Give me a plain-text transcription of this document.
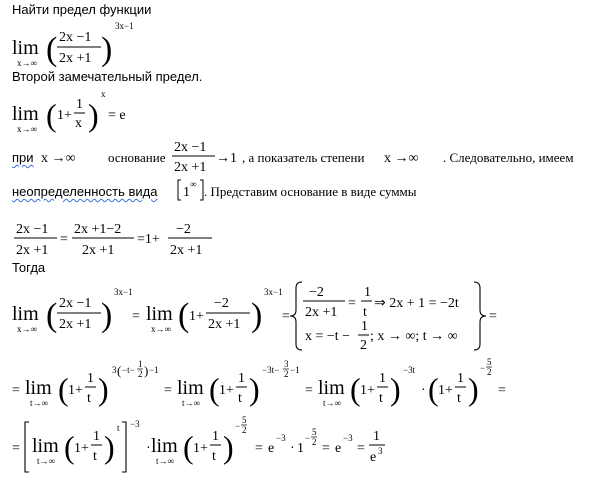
Найти предел функции
lim
x→∞ ( 2x −1
2x +1 )
3x−1
Второй замечательный предел.
lim
x→∞ ( 1+
1
x )
x
= e
при x →∞	основание
2x −1
2x +1
→1 , а показатель степени x →∞ . Следовательно, имеем
неопределенность вида 1
∞ . Представим основание в виде суммы
2x −1
2x +1
=
2x +1−2
2x +1
=1+
−2
2x +1
Тогда
lim
x→∞ ( 2x −1
2x +1 )
3x−1
= lim
x→∞ ( 1+
−2
2x +1 )
3x−1
=
−2
2x +1
=
1
t
⇒ 2x + 1 = −2t
x = −t −
1
2
; x → ∞; t → ∞
=
= lim
t→∞ ( 1+
1
t )
3 ( −t−
1
2 ) −1
= lim
t→∞ ( 1+
1
t )
−3t−
3
2 −1
= lim
t→∞ ( 1+
1
t )
−3t
· ( 1+
1
t )
−
5
2
=
= lim
t→∞ ( 1+
1
t )
t −3
· lim
t→∞ ( 1+
1
t )
−
5
2
= e
−3
· 1
−
5
2 = e
−3
=
1
e 3
